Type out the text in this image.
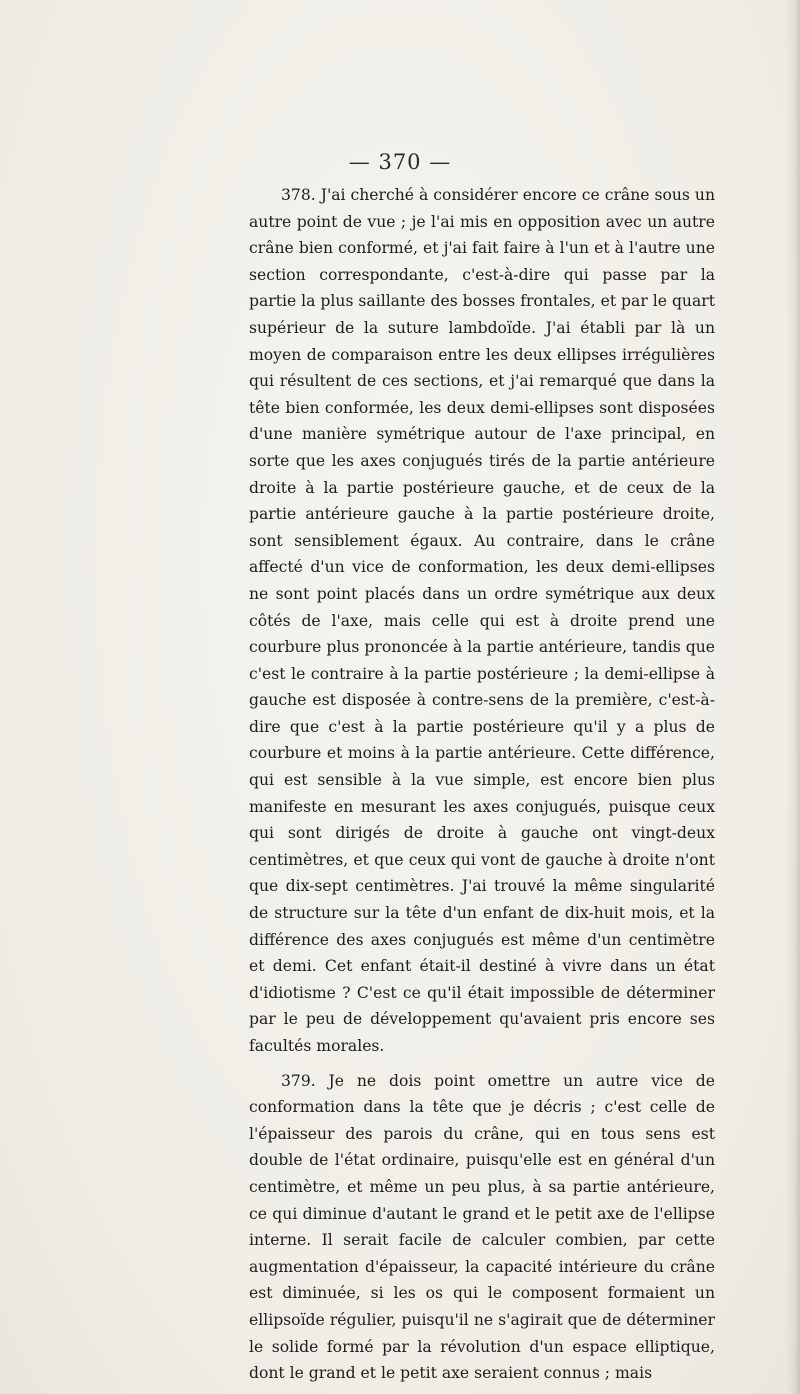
— 370 —

378. J'ai cherché à considérer encore ce crâne sous un autre point de vue ; je l'ai mis en opposition avec un autre crâne bien conformé, et j'ai fait faire à l'un et à l'autre une section correspondante, c'est-à-dire qui passe par la partie la plus saillante des bosses frontales, et par le quart supérieur de la suture lambdoïde. J'ai établi par là un moyen de comparaison entre les deux ellipses irrégulières qui résultent de ces sections, et j'ai remarqué que dans la tête bien conformée, les deux demi-ellipses sont disposées d'une manière symétrique autour de l'axe principal, en sorte que les axes conjugués tirés de la partie antérieure droite à la partie postérieure gauche, et de ceux de la partie antérieure gauche à la partie postérieure droite, sont sensiblement égaux. Au contraire, dans le crâne affecté d'un vice de conformation, les deux demi-ellipses ne sont point placés dans un ordre symétrique aux deux côtés de l'axe, mais celle qui est à droite prend une courbure plus prononcée à la partie antérieure, tandis que c'est le contraire à la partie postérieure ; la demi-ellipse à gauche est disposée à contre-sens de la première, c'est-à-dire que c'est à la partie postérieure qu'il y a plus de courbure et moins à la partie antérieure. Cette différence, qui est sensible à la vue simple, est encore bien plus manifeste en mesurant les axes conjugués, puisque ceux qui sont dirigés de droite à gauche ont vingt-deux centimètres, et que ceux qui vont de gauche à droite n'ont que dix-sept centimètres. J'ai trouvé la même singularité de structure sur la tête d'un enfant de dix-huit mois, et la différence des axes conjugués est même d'un centimètre et demi. Cet enfant était-il destiné à vivre dans un état d'idiotisme ? C'est ce qu'il était impossible de déterminer par le peu de développement qu'avaient pris encore ses facultés morales.

379. Je ne dois point omettre un autre vice de conformation dans la tête que je décris ; c'est celle de l'épaisseur des parois du crâne, qui en tous sens est double de l'état ordinaire, puisqu'elle est en général d'un centimètre, et même un peu plus, à sa partie antérieure, ce qui diminue d'autant le grand et le petit axe de l'ellipse interne. Il serait facile de calculer combien, par cette augmentation d'épaisseur, la capacité intérieure du crâne est diminuée, si les os qui le composent formaient un ellipsoïde régulier, puisqu'il ne s'agirait que de déterminer le solide formé par la révolution d'un espace elliptique, dont le grand et le petit axe seraient connus ; mais
